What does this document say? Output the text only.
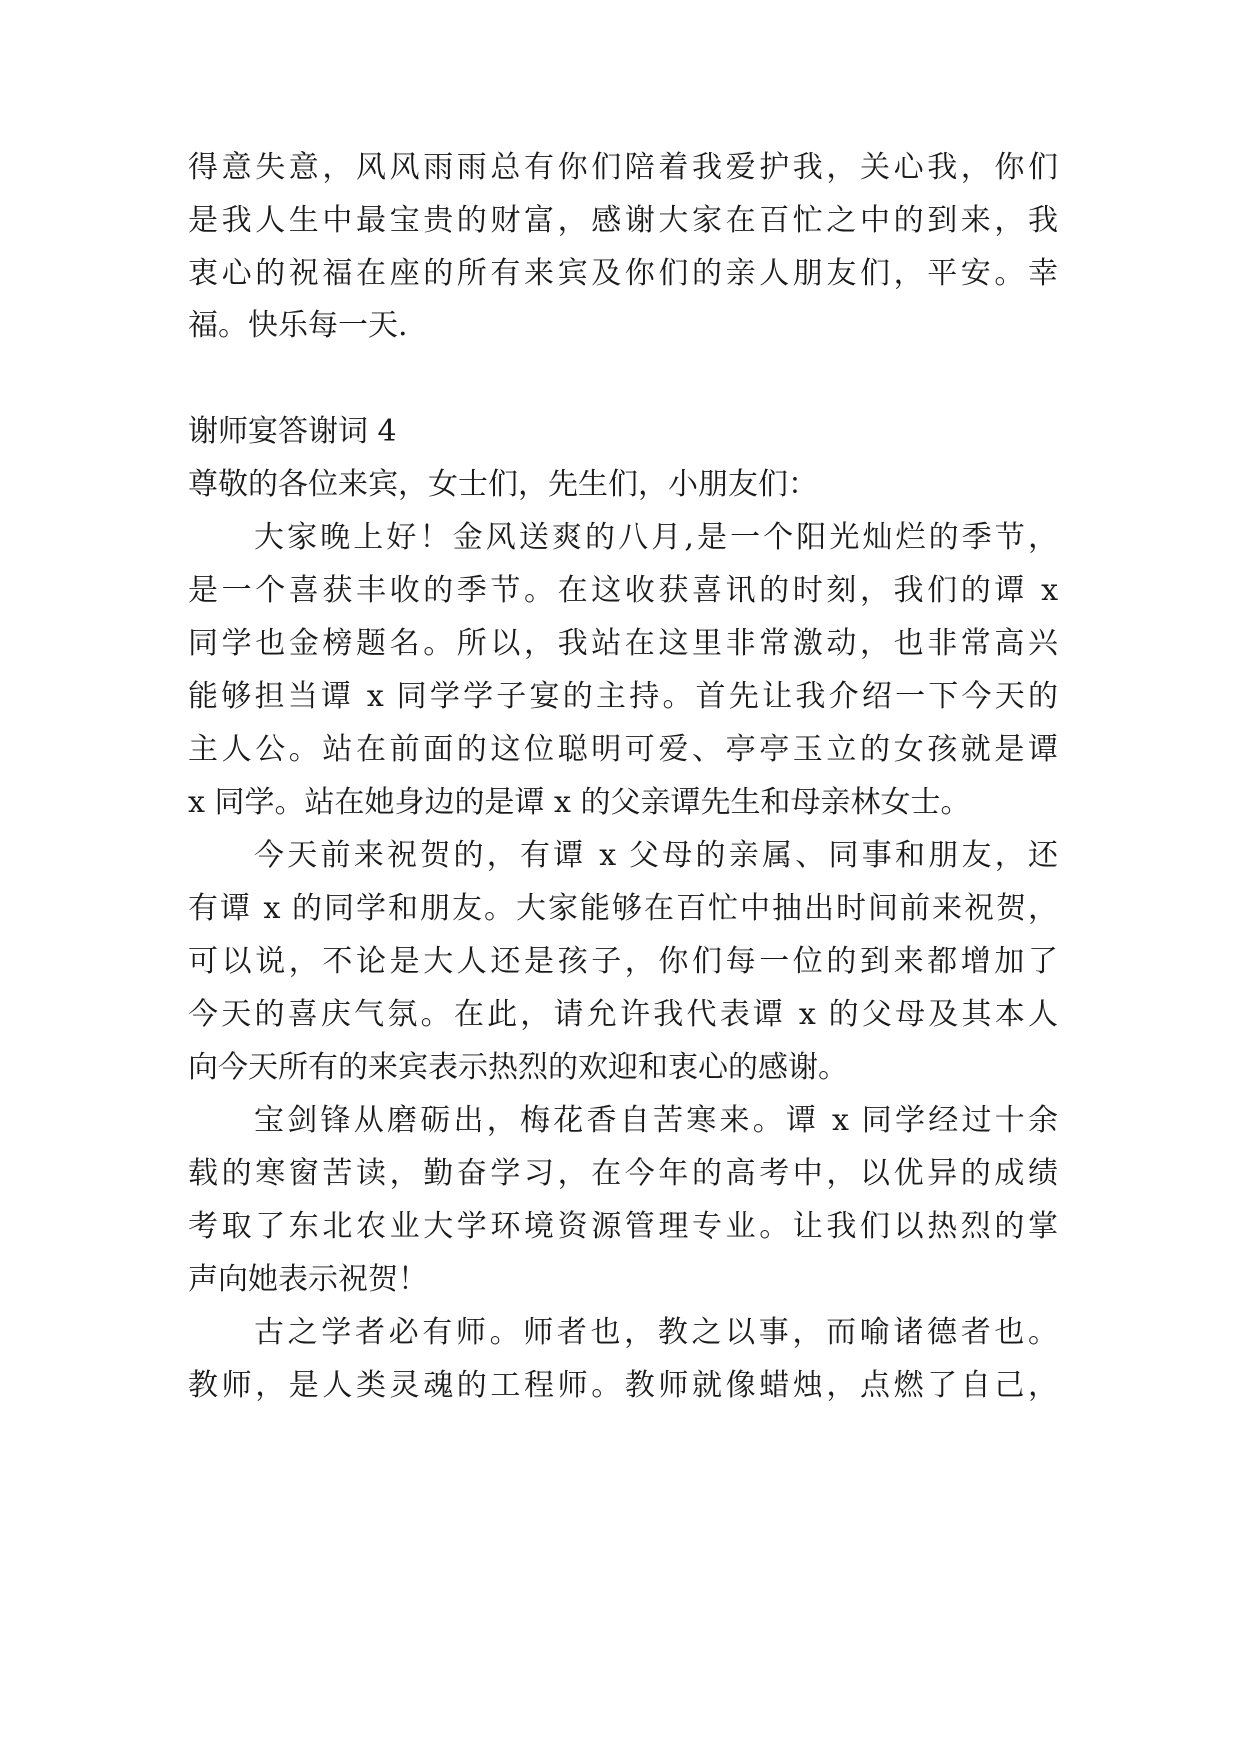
得意失意，风风雨雨总有你们陪着我爱护我，关心我，你们
是我人生中最宝贵的财富，感谢大家在百忙之中的到来，我
衷心的祝福在座的所有来宾及你们的亲人朋友们，平安。幸
福。快乐每一天.
谢师宴答谢词 4
尊敬的各位来宾，女士们，先生们，小朋友们：
大家晚上好！金风送爽的八月,是一个阳光灿烂的季节，
是一个喜获丰收的季节。在这收获喜讯的时刻，我们的谭 x
同学也金榜题名。所以，我站在这里非常激动，也非常高兴
能够担当谭 x 同学学子宴的主持。首先让我介绍一下今天的
主人公。站在前面的这位聪明可爱、亭亭玉立的女孩就是谭
x 同学。站在她身边的是谭 x 的父亲谭先生和母亲林女士。
今天前来祝贺的，有谭 x 父母的亲属、同事和朋友，还
有谭 x 的同学和朋友。大家能够在百忙中抽出时间前来祝贺，
可以说，不论是大人还是孩子，你们每一位的到来都增加了
今天的喜庆气氛。在此，请允许我代表谭 x 的父母及其本人
向今天所有的来宾表示热烈的欢迎和衷心的感谢。
宝剑锋从磨砺出，梅花香自苦寒来。谭 x 同学经过十余
载的寒窗苦读，勤奋学习，在今年的高考中，以优异的成绩
考取了东北农业大学环境资源管理专业。让我们以热烈的掌
声向她表示祝贺！
古之学者必有师。师者也，教之以事，而喻诸德者也。
教师，是人类灵魂的工程师。教师就像蜡烛，点燃了自己，
